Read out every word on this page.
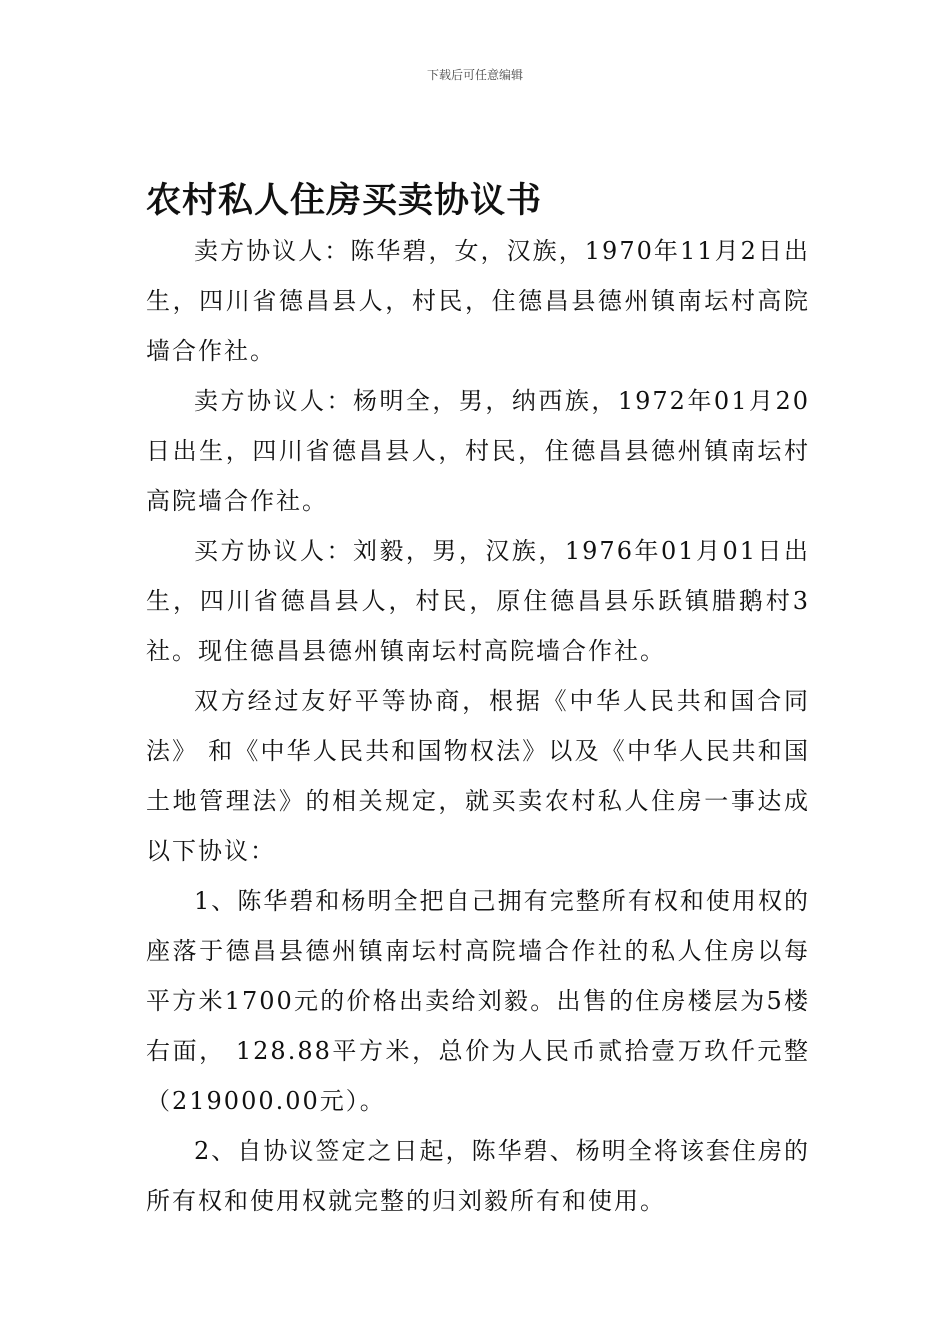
下载后可任意编辑
农村私人住房买卖协议书

卖方协议人：陈华碧，女，汉族，1970年11月2日出生，四川省德昌县人，村民，住德昌县德州镇南坛村高院墙合作社。

卖方协议人：杨明全，男，纳西族，1972年01月20日出生，四川省德昌县人，村民，住德昌县德州镇南坛村高院墙合作社。

买方协议人：刘毅，男，汉族，1976年01月01日出生，四川省德昌县人，村民，原住德昌县乐跃镇腊鹅村3社。现住德昌县德州镇南坛村高院墙合作社。

双方经过友好平等协商，根据《中华人民共和国合同法》 和《中华人民共和国物权法》以及《中华人民共和国土地管理法》的相关规定，就买卖农村私人住房一事达成以下协议：

1、陈华碧和杨明全把自己拥有完整所有权和使用权的座落于德昌县德州镇南坛村高院墙合作社的私人住房以每平方米1700元的价格出卖给刘毅。出售的住房楼层为5楼右面， 128.88平方米，总价为人民币贰拾壹万玖仟元整（219000.00元）。

2、自协议签定之日起，陈华碧、杨明全将该套住房的所有权和使用权就完整的归刘毅所有和使用。
